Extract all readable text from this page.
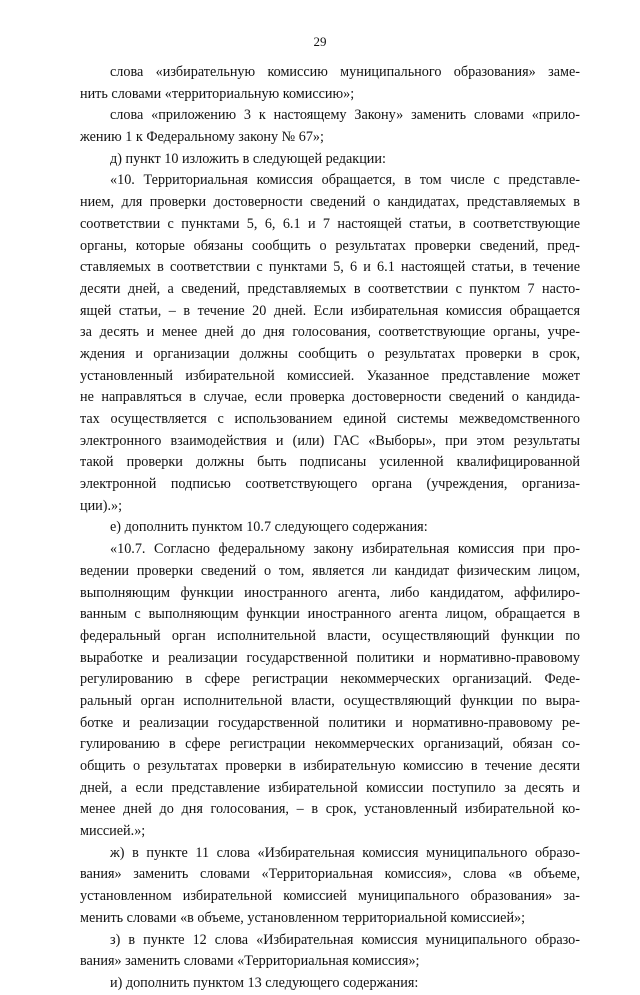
29
слова «избирательную комиссию муниципального образования» заме-
нить словами «территориальную комиссию»;
слова «приложению 3 к настоящему Закону» заменить словами «прило-
жению 1 к Федеральному закону № 67»;
д) пункт 10 изложить в следующей редакции:
«10. Территориальная комиссия обращается, в том числе с представле-
нием, для проверки достоверности сведений о кандидатах, представляемых в
соответствии с пунктами 5, 6, 6.1 и 7 настоящей статьи, в соответствующие
органы, которые обязаны сообщить о результатах проверки сведений, пред-
ставляемых в соответствии с пунктами 5, 6 и 6.1 настоящей статьи, в течение
десяти дней, а сведений, представляемых в соответствии с пунктом 7 насто-
ящей статьи, – в течение 20 дней. Если избирательная комиссия обращается
за десять и менее дней до дня голосования, соответствующие органы, учре-
ждения и организации должны сообщить о результатах проверки в срок,
установленный избирательной комиссией. Указанное представление может
не направляться в случае, если проверка достоверности сведений о кандида-
тах осуществляется с использованием единой системы межведомственного
электронного взаимодействия и (или) ГАС «Выборы», при этом результаты
такой проверки должны быть подписаны усиленной квалифицированной
электронной подписью соответствующего органа (учреждения, организа-
ции).»;
е) дополнить пунктом 10.7 следующего содержания:
«10.7. Согласно федеральному закону избирательная комиссия при про-
ведении проверки сведений о том, является ли кандидат физическим лицом,
выполняющим функции иностранного агента, либо кандидатом, аффилиро-
ванным с выполняющим функции иностранного агента лицом, обращается в
федеральный орган исполнительной власти, осуществляющий функции по
выработке и реализации государственной политики и нормативно-правовому
регулированию в сфере регистрации некоммерческих организаций. Феде-
ральный орган исполнительной власти, осуществляющий функции по выра-
ботке и реализации государственной политики и нормативно-правовому ре-
гулированию в сфере регистрации некоммерческих организаций, обязан со-
общить о результатах проверки в избирательную комиссию в течение десяти
дней, а если представление избирательной комиссии поступило за десять и
менее дней до дня голосования, – в срок, установленный избирательной ко-
миссией.»;
ж) в пункте 11 слова «Избирательная комиссия муниципального образо-
вания» заменить словами «Территориальная комиссия», слова «в объеме,
установленном избирательной комиссией муниципального образования» за-
менить словами «в объеме, установленном территориальной комиссией»;
з) в пункте 12 слова «Избирательная комиссия муниципального образо-
вания» заменить словами «Территориальная комиссия»;
и) дополнить пунктом 13 следующего содержания:
